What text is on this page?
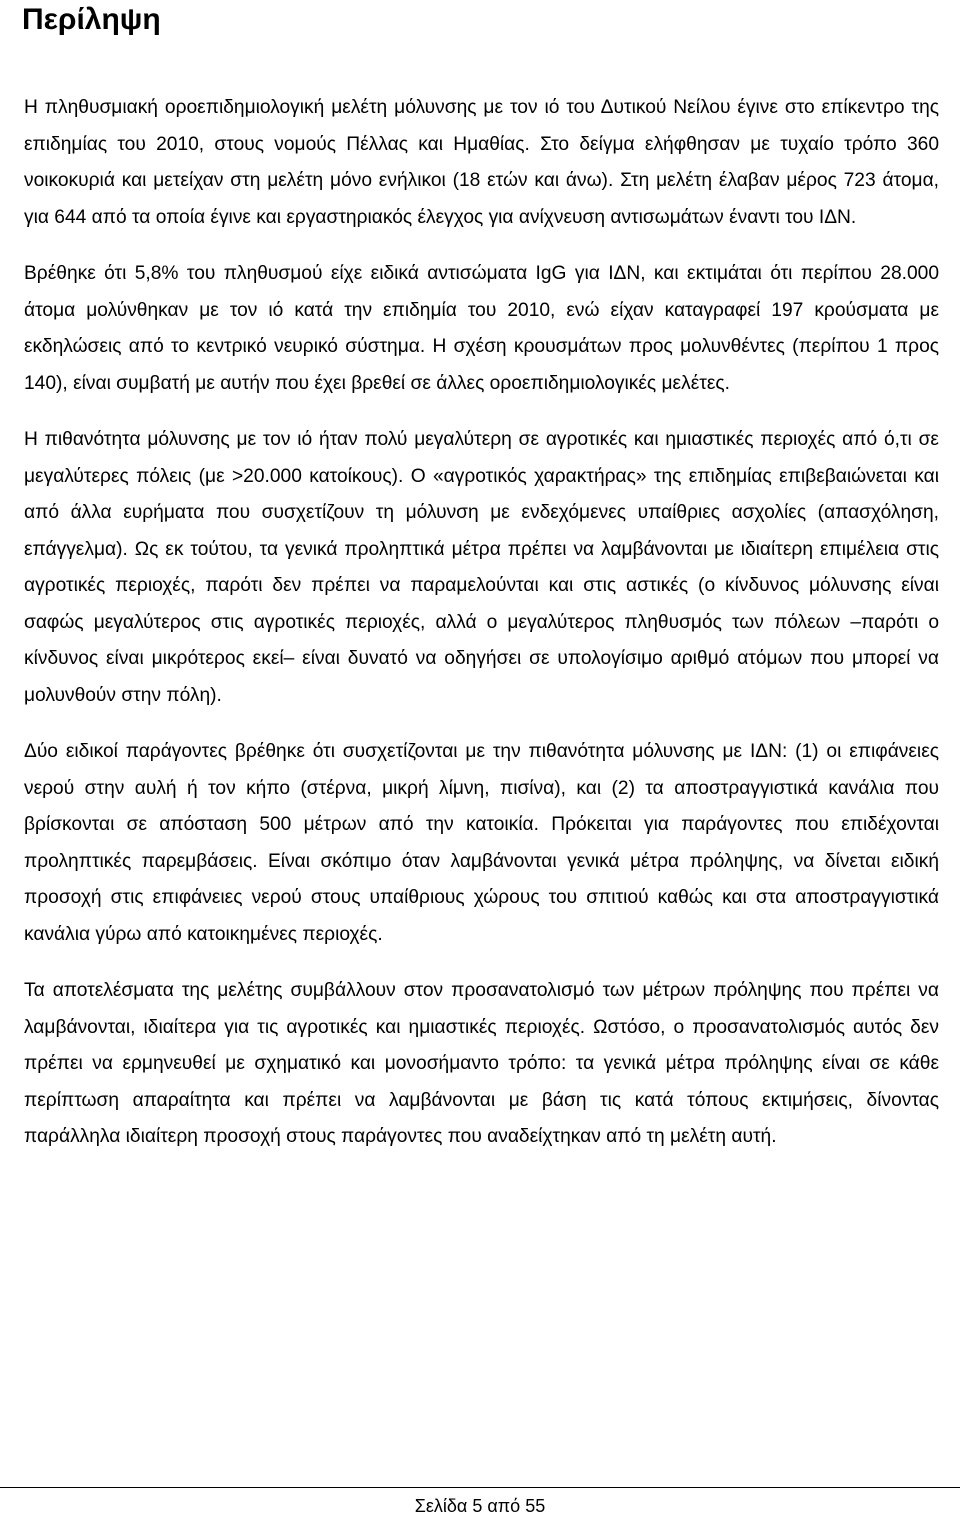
Περίληψη

Η πληθυσμιακή οροεπιδημιολογική μελέτη μόλυνσης με τον ιό του Δυτικού Νείλου έγινε στο επίκεντρο της επιδημίας του 2010, στους νομούς Πέλλας και Ημαθίας. Στο δείγμα ελήφθησαν με τυχαίο τρόπο 360 νοικοκυριά και μετείχαν στη μελέτη μόνο ενήλικοι (18 ετών και άνω). Στη μελέτη έλαβαν μέρος 723 άτομα, για 644 από τα οποία έγινε και εργαστηριακός έλεγχος για ανίχνευση αντισωμάτων έναντι του ΙΔΝ.

Βρέθηκε ότι 5,8% του πληθυσμού είχε ειδικά αντισώματα IgG για ΙΔΝ, και εκτιμάται ότι περίπου 28.000 άτομα μολύνθηκαν με τον ιό κατά την επιδημία του 2010, ενώ είχαν καταγραφεί 197 κρούσματα με εκδηλώσεις από το κεντρικό νευρικό σύστημα. Η σχέση κρουσμάτων προς μολυνθέντες (περίπου 1 προς 140), είναι συμβατή με αυτήν που έχει βρεθεί σε άλλες οροεπιδημιολογικές μελέτες.

Η πιθανότητα μόλυνσης με τον ιό ήταν πολύ μεγαλύτερη σε αγροτικές και ημιαστικές περιοχές από ό,τι σε μεγαλύτερες πόλεις (με >20.000 κατοίκους). Ο «αγροτικός χαρακτήρας» της επιδημίας επιβεβαιώνεται και από άλλα ευρήματα που συσχετίζουν τη μόλυνση με ενδεχόμενες υπαίθριες ασχολίες (απασχόληση, επάγγελμα). Ως εκ τούτου, τα γενικά προληπτικά μέτρα πρέπει να λαμβάνονται με ιδιαίτερη επιμέλεια στις αγροτικές περιοχές, παρότι δεν πρέπει να παραμελούνται και στις αστικές (ο κίνδυνος μόλυνσης είναι σαφώς μεγαλύτερος στις αγροτικές περιοχές, αλλά ο μεγαλύτερος πληθυσμός των πόλεων –παρότι ο κίνδυνος είναι μικρότερος εκεί– είναι δυνατό να οδηγήσει σε υπολογίσιμο αριθμό ατόμων που μπορεί να μολυνθούν στην πόλη).

Δύο ειδικοί παράγοντες βρέθηκε ότι συσχετίζονται με την πιθανότητα μόλυνσης με ΙΔΝ: (1) οι επιφάνειες νερού στην αυλή ή τον κήπο (στέρνα, μικρή λίμνη, πισίνα), και (2) τα αποστραγγιστικά κανάλια που βρίσκονται σε απόσταση 500 μέτρων από την κατοικία. Πρόκειται για παράγοντες που επιδέχονται προληπτικές παρεμβάσεις. Είναι σκόπιμο όταν λαμβάνονται γενικά μέτρα πρόληψης, να δίνεται ειδική προσοχή στις επιφάνειες νερού στους υπαίθριους χώρους του σπιτιού καθώς και στα αποστραγγιστικά κανάλια γύρω από κατοικημένες περιοχές.

Τα αποτελέσματα της μελέτης συμβάλλουν στον προσανατολισμό των μέτρων πρόληψης που πρέπει να λαμβάνονται, ιδιαίτερα για τις αγροτικές και ημιαστικές περιοχές. Ωστόσο, ο προσανατολισμός αυτός δεν πρέπει να ερμηνευθεί με σχηματικό και μονοσήμαντο τρόπο: τα γενικά μέτρα πρόληψης είναι σε κάθε περίπτωση απαραίτητα και πρέπει να λαμβάνονται με βάση τις κατά τόπους εκτιμήσεις, δίνοντας παράλληλα ιδιαίτερη προσοχή στους παράγοντες που αναδείχτηκαν από τη μελέτη αυτή.

Σελίδα 5 από 55
